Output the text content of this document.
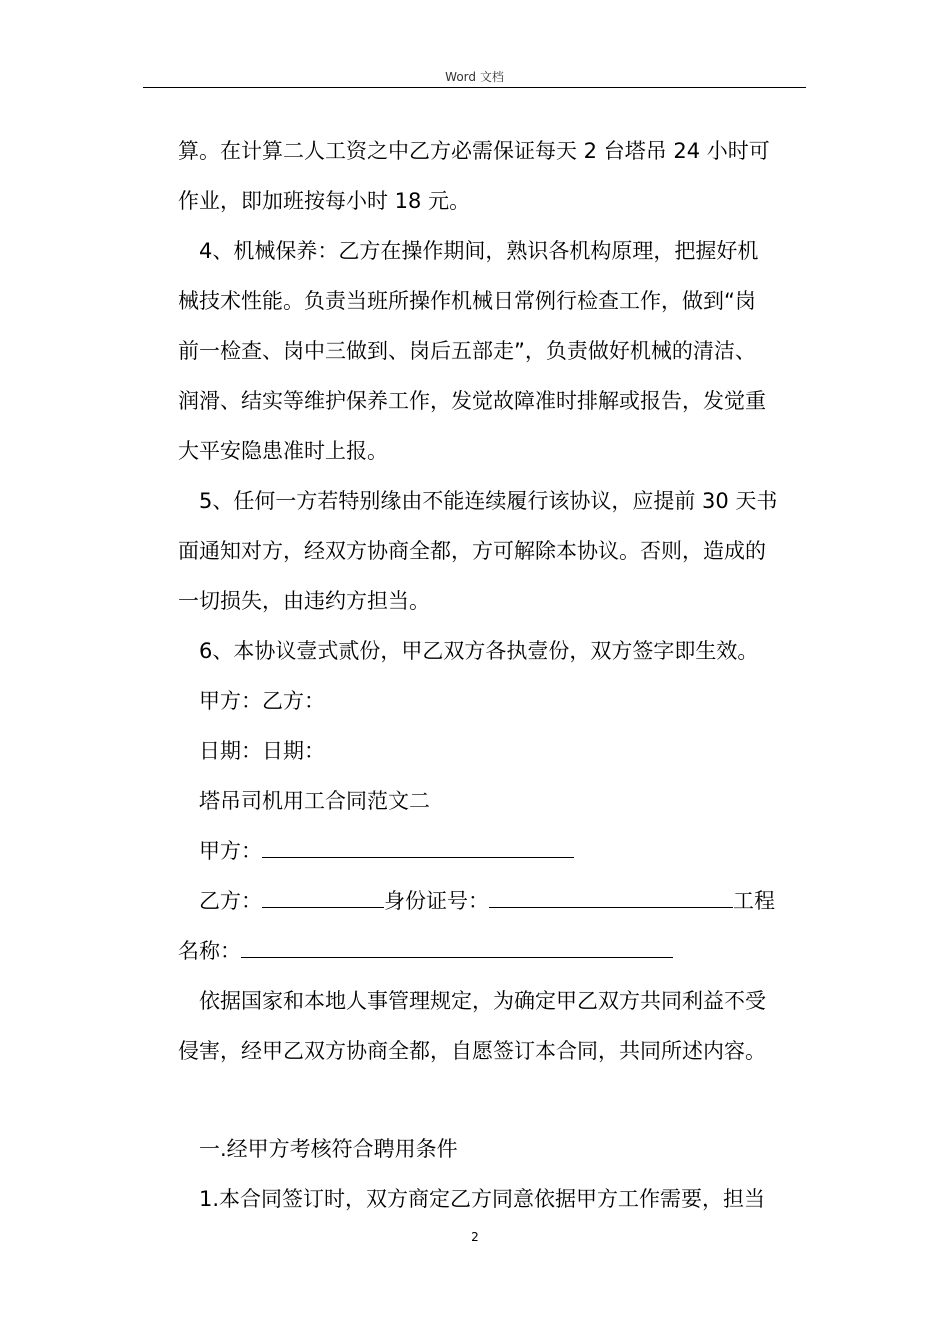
Word 文档
算。在计算二人工资之中乙方必需保证每天 2 台塔吊 24 小时可
作业，即加班按每小时 18 元。
4、机械保养：乙方在操作期间，熟识各机构原理，把握好机
械技术性能。负责当班所操作机械日常例行检查工作，做到“岗
前一检查、岗中三做到、岗后五部走”，负责做好机械的清洁、
润滑、结实等维护保养工作，发觉故障准时排解或报告，发觉重
大平安隐患准时上报。
5、任何一方若特别缘由不能连续履行该协议，应提前 30 天书
面通知对方，经双方协商全都，方可解除本协议。否则，造成的
一切损失，由违约方担当。
6、本协议壹式贰份，甲乙双方各执壹份，双方签字即生效。
甲方：乙方：
日期：日期：
塔吊司机用工合同范文二
甲方：
乙方：	身份证号：	工程
名称：
依据国家和本地人事管理规定，为确定甲乙双方共同利益不受
侵害，经甲乙双方协商全都，自愿签订本合同，共同所述内容。
一.经甲方考核符合聘用条件
1.本合同签订时，双方商定乙方同意依据甲方工作需要，担当
2
